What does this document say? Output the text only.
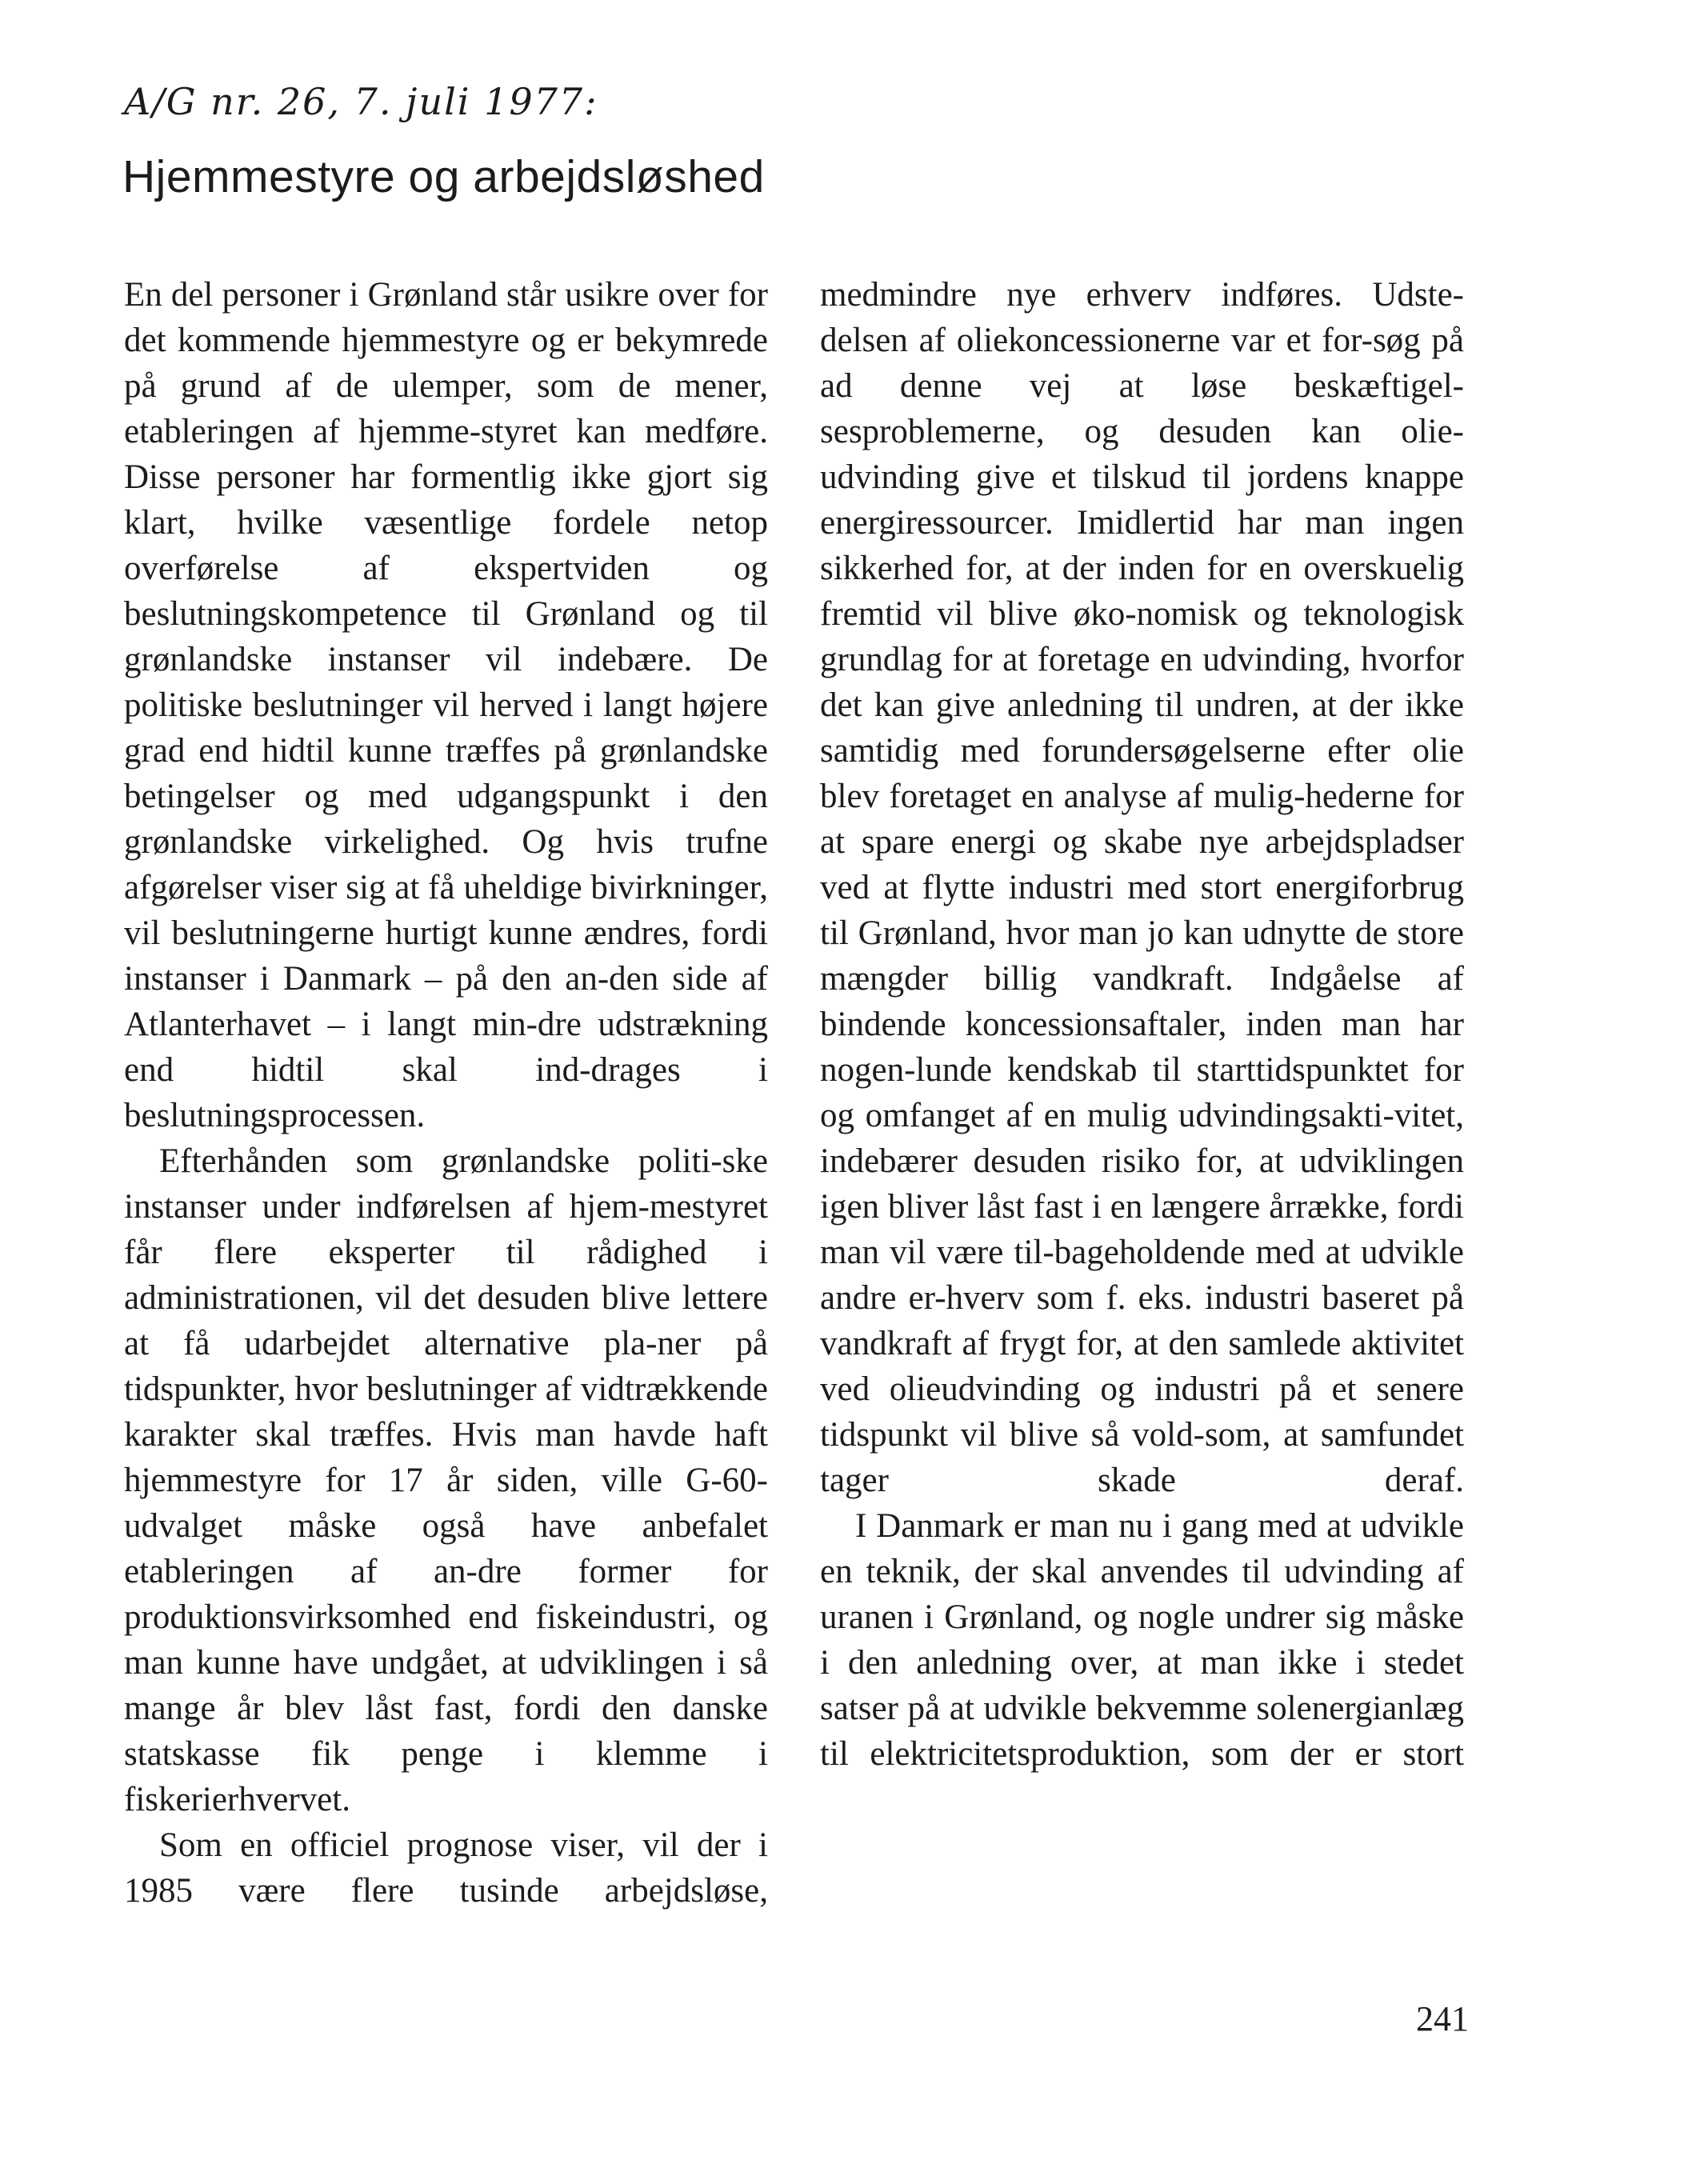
A/G nr. 26, 7. juli 1977:

Hjemmestyre og arbejdsløshed

En del personer i Grønland står usikre over for det kommende hjemmestyre og er bekymrede på grund af de ulemper, som de mener, etableringen af hjemme-styret kan medføre. Disse personer har formentlig ikke gjort sig klart, hvilke væsentlige fordele netop overførelse af ekspertviden og beslutningskompetence til Grønland og til grønlandske instanser vil indebære. De politiske beslutninger vil herved i langt højere grad end hidtil kunne træffes på grønlandske betingelser og med udgangspunkt i den grønlandske virkelighed. Og hvis trufne afgørelser viser sig at få uheldige bivirkninger, vil beslutningerne hurtigt kunne ændres, fordi instanser i Danmark – på den an-den side af Atlanterhavet – i langt min-dre udstrækning end hidtil skal ind-drages i beslutningsprocessen.

Efterhånden som grønlandske politi-ske instanser under indførelsen af hjem-mestyret får flere eksperter til rådighed i administrationen, vil det desuden blive lettere at få udarbejdet alternative pla-ner på tidspunkter, hvor beslutninger af vidtrækkende karakter skal træffes. Hvis man havde haft hjemmestyre for 17 år siden, ville G-60-udvalget måske også have anbefalet etableringen af an-dre former for produktionsvirksomhed end fiskeindustri, og man kunne have undgået, at udviklingen i så mange år blev låst fast, fordi den danske statskasse fik penge i klemme i fiskerierhvervet.

Som en officiel prognose viser, vil der i 1985 være flere tusinde arbejdsløse,

medmindre nye erhverv indføres. Udste-delsen af oliekoncessionerne var et for-søg på ad denne vej at løse beskæftigel-sesproblemerne, og desuden kan olie-udvinding give et tilskud til jordens knappe energiressourcer. Imidlertid har man ingen sikkerhed for, at der inden for en overskuelig fremtid vil blive øko-nomisk og teknologisk grundlag for at foretage en udvinding, hvorfor det kan give anledning til undren, at der ikke samtidig med forundersøgelserne efter olie blev foretaget en analyse af mulig-hederne for at spare energi og skabe nye arbejdspladser ved at flytte industri med stort energiforbrug til Grønland, hvor man jo kan udnytte de store mængder billig vandkraft. Indgåelse af bindende koncessionsaftaler, inden man har nogen-lunde kendskab til starttidspunktet for og omfanget af en mulig udvindingsakti-vitet, indebærer desuden risiko for, at udviklingen igen bliver låst fast i en længere årrække, fordi man vil være til-bageholdende med at udvikle andre er-hverv som f. eks. industri baseret på vandkraft af frygt for, at den samlede aktivitet ved olieudvinding og industri på et senere tidspunkt vil blive så vold-som, at samfundet tager skade deraf.

I Danmark er man nu i gang med at udvikle en teknik, der skal anvendes til udvinding af uranen i Grønland, og nogle undrer sig måske i den anledning over, at man ikke i stedet satser på at udvikle bekvemme solenergianlæg til elektricitetsproduktion, som der er stort

241
